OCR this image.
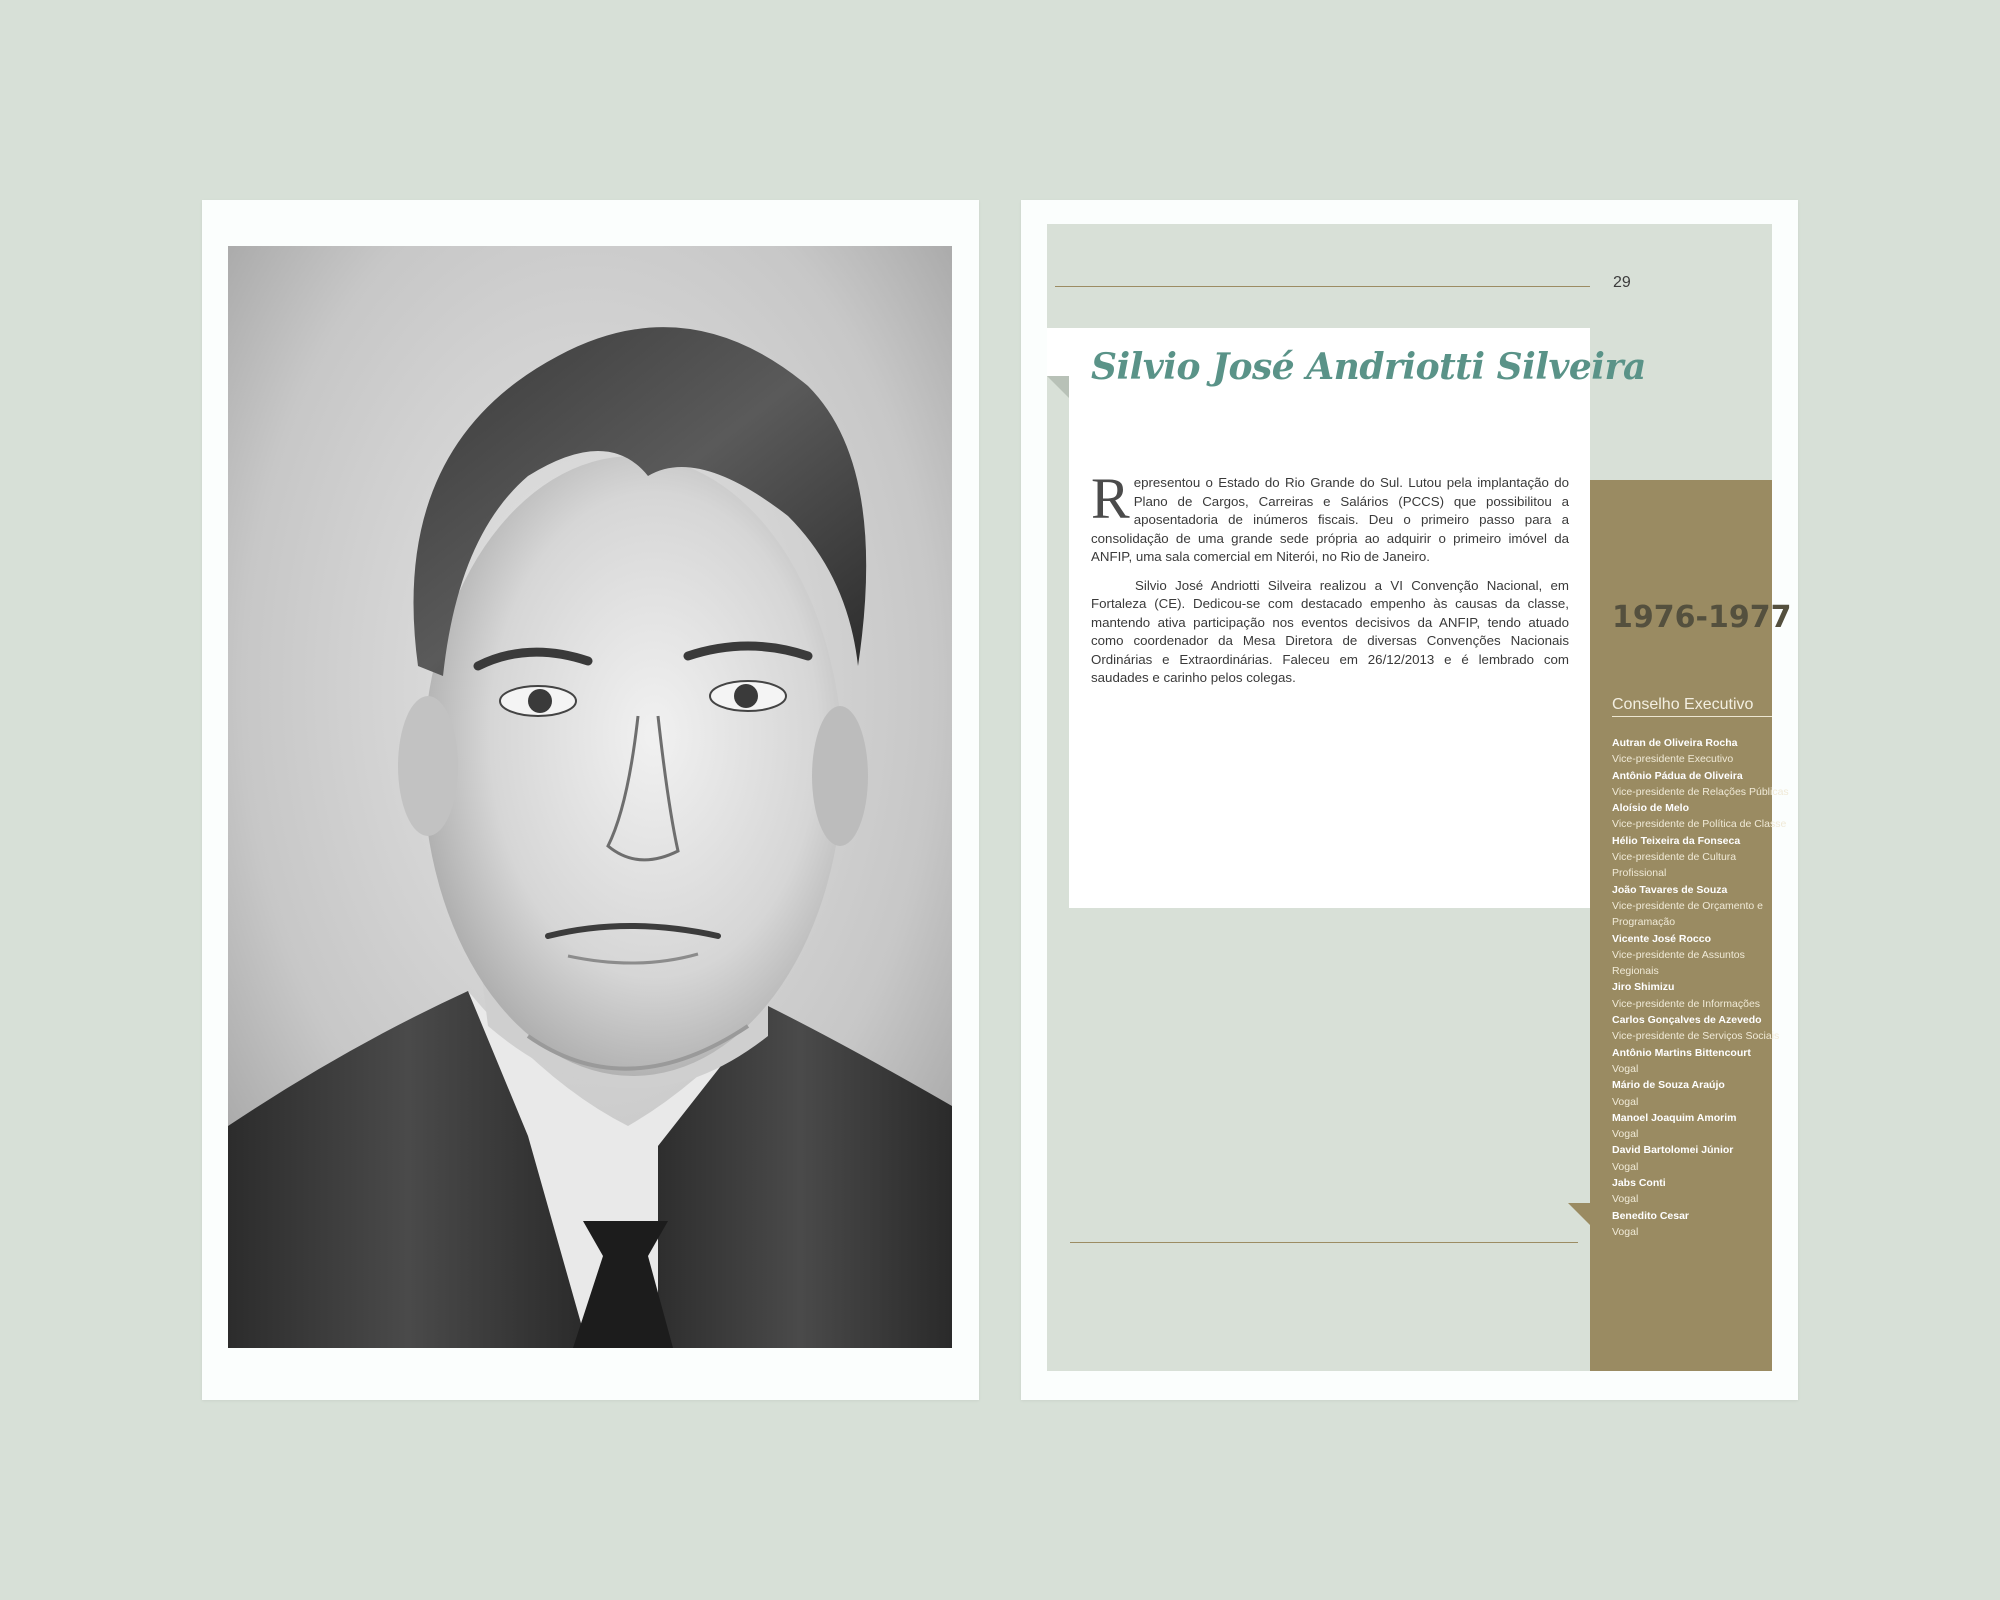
29
Silvio José Andriotti Silveira

Representou o Estado do Rio Grande do Sul. Lutou pela implantação do Plano de Cargos, Carreiras e Salários (PCCS) que possibilitou a aposentadoria de inúmeros fiscais. Deu o primeiro passo para a consolidação de uma grande sede própria ao adquirir o primeiro imóvel da ANFIP, uma sala comercial em Niterói, no Rio de Janeiro.

Silvio José Andriotti Silveira realizou a VI Convenção Nacional, em Fortaleza (CE). Dedicou-se com destacado empenho às causas da classe, mantendo ativa participação nos eventos decisivos da ANFIP, tendo atuado como coordenador da Mesa Diretora de diversas Convenções Nacionais Ordinárias e Extraordinárias. Faleceu em 26/12/2013 e é lembrado com saudades e carinho pelos colegas.

1976-1977
Conselho Executivo
Autran de Oliveira Rocha
Vice-presidente Executivo
Antônio Pádua de Oliveira
Vice-presidente de Relações Públicas
Aloísio de Melo
Vice-presidente de Política de Classe
Hélio Teixeira da Fonseca
Vice-presidente de Cultura
Profissional
João Tavares de Souza
Vice-presidente de Orçamento e
Programação
Vicente José Rocco
Vice-presidente de Assuntos
Regionais
Jiro Shimizu
Vice-presidente de Informações
Carlos Gonçalves de Azevedo
Vice-presidente de Serviços Sociais
Antônio Martins Bittencourt
Vogal
Mário de Souza Araújo
Vogal
Manoel Joaquim Amorim
Vogal
David Bartolomei Júnior
Vogal
Jabs Conti
Vogal
Benedito Cesar
Vogal
